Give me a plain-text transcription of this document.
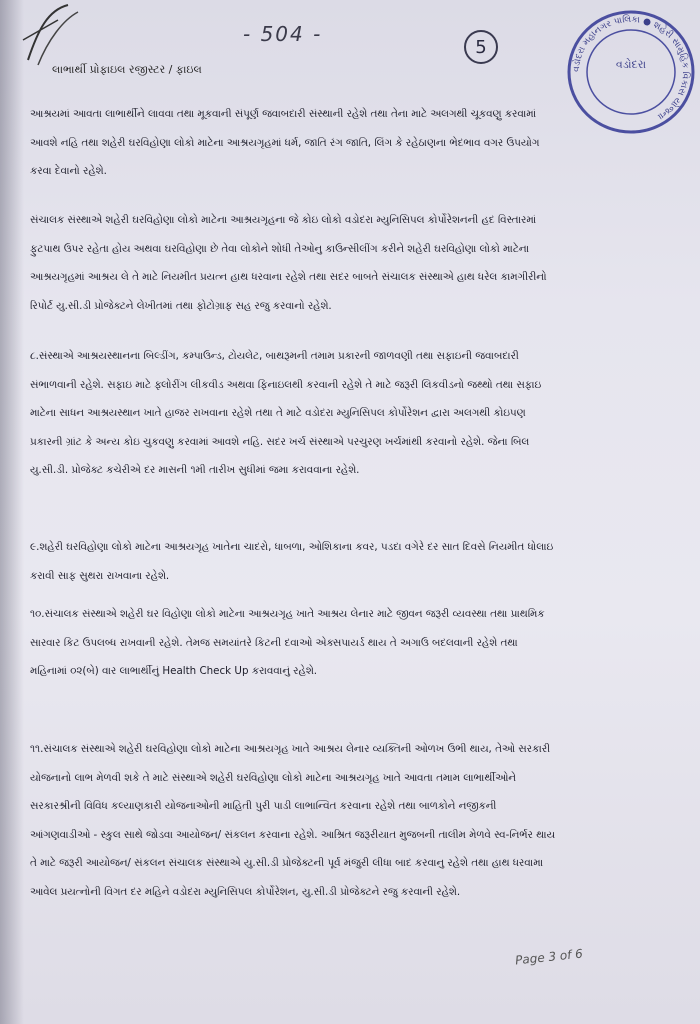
- 504 -
5
વડોદરા મહાનગર પાલિકા ● શહેરી સામુહિક વિકાસ યોજના
વડોદરા
લાભાર્થી પ્રોફાઇલ રજીસ્ટર / ફાઇલ

આશ્રયમાં આવતા લાભાર્થીને લાવવા તથા મૂકવાની સંપૂર્ણ જવાબદારી સંસ્થાની રહેશે તથા તેના માટે અલગથી ચૂકવણુ કરવામાં આવશે નહિ તથા શહેરી ઘરવિહોણા લોકો માટેના આશ્રયગૃહમાં ધર્મ, જાતિ રંગ જાતિ, લિંગ કે રહેઠાણના ભેદભાવ વગર ઉપયોગ કરવા દેવાનો રહેશે.

સંચાલક સંસ્થાએ શહેરી ઘરવિહોણા લોકો માટેના આશ્રયગૃહના જે કોઇ લોકો વડોદરા મ્યુનિસિપલ કોર્પોરેશનની હદ વિસ્તારમાં ફુટપાથ ઉપર રહેતા હોય અથવા ઘરવિહોણા છે તેવા લોકોને શોધી તેઓનુ કાઉન્સીલીંગ કરીને શહેરી ઘરવિહોણા લોકો માટેના આશ્રયગૃહમાં આશ્રય લે તે માટે નિયમીત પ્રયત્ન હાથ ધરવાના રહેશે તથા સદર બાબતે સંચાલક સંસ્થાએ હાથ ધરેલ કામગીરીનો રિપોર્ટ યુ.સી.ડી પ્રોજેક્ટને લેખીતમાં તથા ફોટોગ્રાફ સહ રજુ કરવાનો રહેશે.

૮.સંસ્થાએ આશ્રયસ્થાનના બિલ્ડીંગ, કમ્પાઉન્ડ, ટોયલેટ, બાથરૂમની તમામ પ્રકારની જાળવણી તથા સફાઇની જવાબદારી સંભાળવાની રહેશે. સફાઇ માટે ફ્લોરીંગ લીકવીડ અથવા ફિનાઇલથી કરવાની રહેશે તે માટે જરૂરી લિકવીડનો જથ્થો તથા સફાઇ માટેના સાધન આશ્રયસ્થાન ખાતે હાજર રાખવાના રહેશે તથા તે માટે વડોદરા મ્યુનિસિપલ કોર્પોરેશન દ્વારા અલગથી કોઇપણ પ્રકારની ગ્રાંટ કે અન્ય કોઇ ચુકવણુ કરવામાં આવશે નહિ. સદર ખર્ચ સંસ્થાએ પરચુરણ ખર્ચમાંથી કરવાનો રહેશે. જેના બિલ યુ.સી.ડી. પ્રોજેક્ટ કચેરીએ દર માસની ૧મી તારીખ સુધીમાં જમા કરાવવાના રહેશે.

૯.શહેરી ઘરવિહોણા લોકો માટેના આશ્રયગૃહ ખાતેના ચાદરો, ધાબળા, ઓશિકાના કવર, પડદા વગેરે દર સાત દિવસે નિયમીત ધોલાઇ કરાવી સાફ સુથરા રાખવાના રહેશે.

૧૦.સંચાલક સંસ્થાએ શહેરી ઘર વિહોણા લોકો માટેના આશ્રયગૃહ ખાતે આશ્રય લેનાર માટે જીવન જરૂરી વ્યવસ્થા તથા પ્રાથમિક સારવાર કિટ ઉપલબ્ધ રાખવાની રહેશે. તેમજ સમયાંતરે કિટની દવાઓ એક્સપાયર્ડ થાય તે અગાઉ બદલવાની રહેશે તથા મહિનામાં ૦૨(બે) વાર લાભાર્થીનું Health Check Up કરાવવાનું રહેશે.

૧૧.સંચાલક સંસ્થાએ શહેરી ઘરવિહોણા લોકો માટેના આશ્રયગૃહ ખાતે આશ્રય લેનાર વ્યક્તિની ઓળખ ઉભી થાય, તેઓ સરકારી યોજનાનો લાભ મેળવી શકે તે માટે સંસ્થાએ શહેરી ઘરવિહોણા લોકો માટેના આશ્રયગૃહ ખાતે આવતા તમામ લાભાર્થીઓને સરકારશ્રીની વિવિધ કલ્યાણકારી યોજનાઓની માહિતી પુરી પાડી લાભાન્વિત કરવાના રહેશે તથા બાળકોને નજીકની આંગણવાડીઓ - સ્કુલ સાથે જોડવા આયોજન/ સંકલન કરવાના રહેશે. આશ્રિત જરૂરીયાત મુજબની તાલીમ મેળવે સ્વ-નિર્ભર થાય તે માટે જરૂરી આયોજન/ સંકલન સંચાલક સંસ્થાએ યુ.સી.ડી પ્રોજેક્ટની પૂર્વ મંજુરી લીધા બાદ કરવાનુ રહેશે તથા હાથ ધરવામા આવેલ પ્રયત્નોની વિગત દર મહિને વડોદરા મ્યુનિસિપલ કોર્પોરેશન, યુ.સી.ડી પ્રોજેક્ટને રજુ કરવાની રહેશે.

Page 3 of 6
